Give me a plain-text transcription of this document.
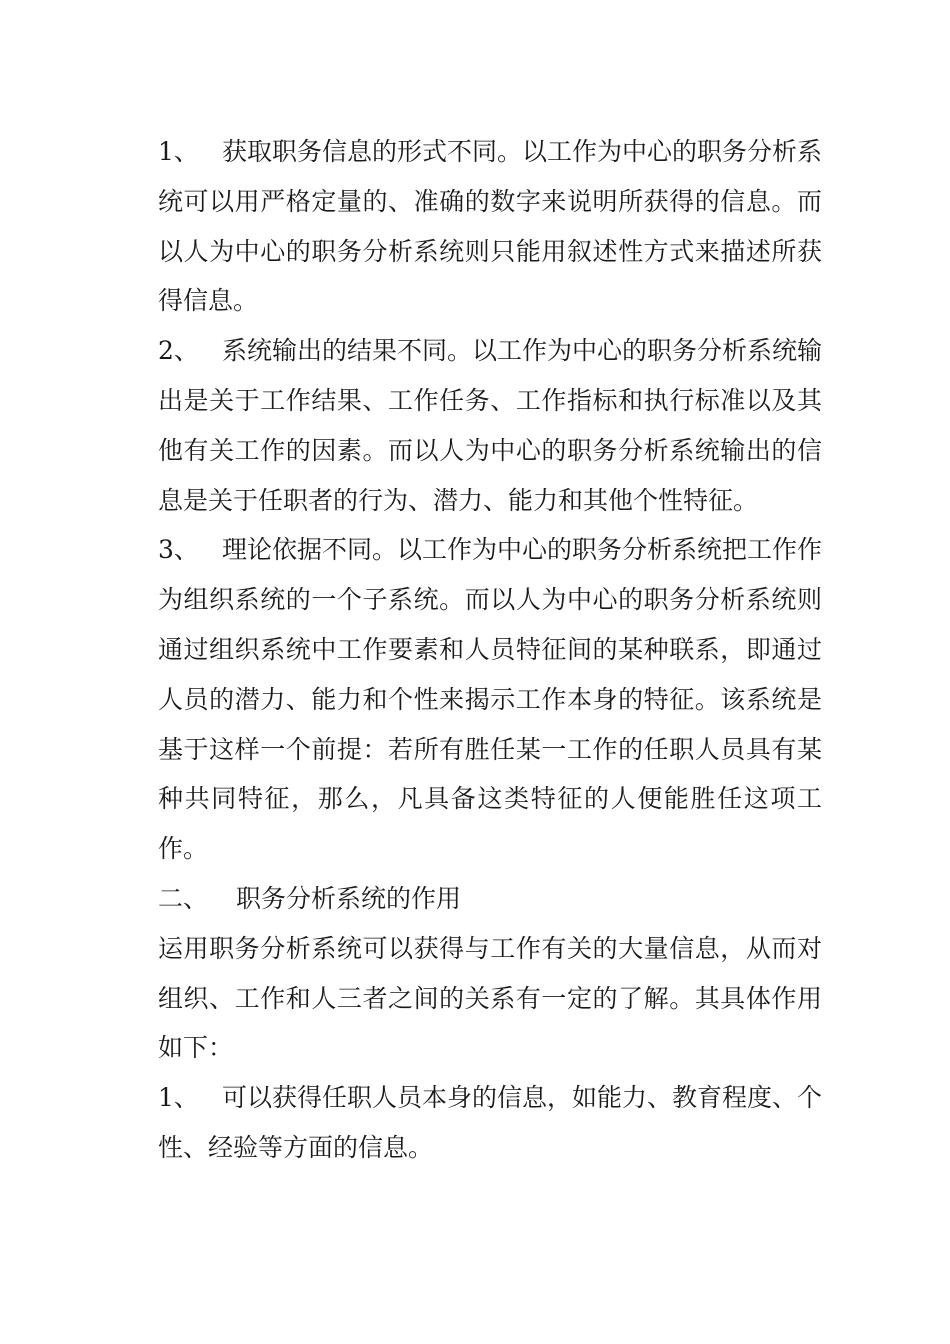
1、 获取职务信息的形式不同。以工作为中心的职务分析系统可以用严格定量的、准确的数字来说明所获得的信息。而以人为中心的职务分析系统则只能用叙述性方式来描述所获得信息。

2、 系统输出的结果不同。以工作为中心的职务分析系统输出是关于工作结果、工作任务、工作指标和执行标准以及其他有关工作的因素。而以人为中心的职务分析系统输出的信息是关于任职者的行为、潜力、能力和其他个性特征。

3、 理论依据不同。以工作为中心的职务分析系统把工作作为组织系统的一个子系统。而以人为中心的职务分析系统则通过组织系统中工作要素和人员特征间的某种联系，即通过人员的潜力、能力和个性来揭示工作本身的特征。该系统是基于这样一个前提：若所有胜任某一工作的任职人员具有某种共同特征，那么，凡具备这类特征的人便能胜任这项工作。

二、 职务分析系统的作用

运用职务分析系统可以获得与工作有关的大量信息，从而对组织、工作和人三者之间的关系有一定的了解。其具体作用如下：

1、 可以获得任职人员本身的信息，如能力、教育程度、个性、经验等方面的信息。
